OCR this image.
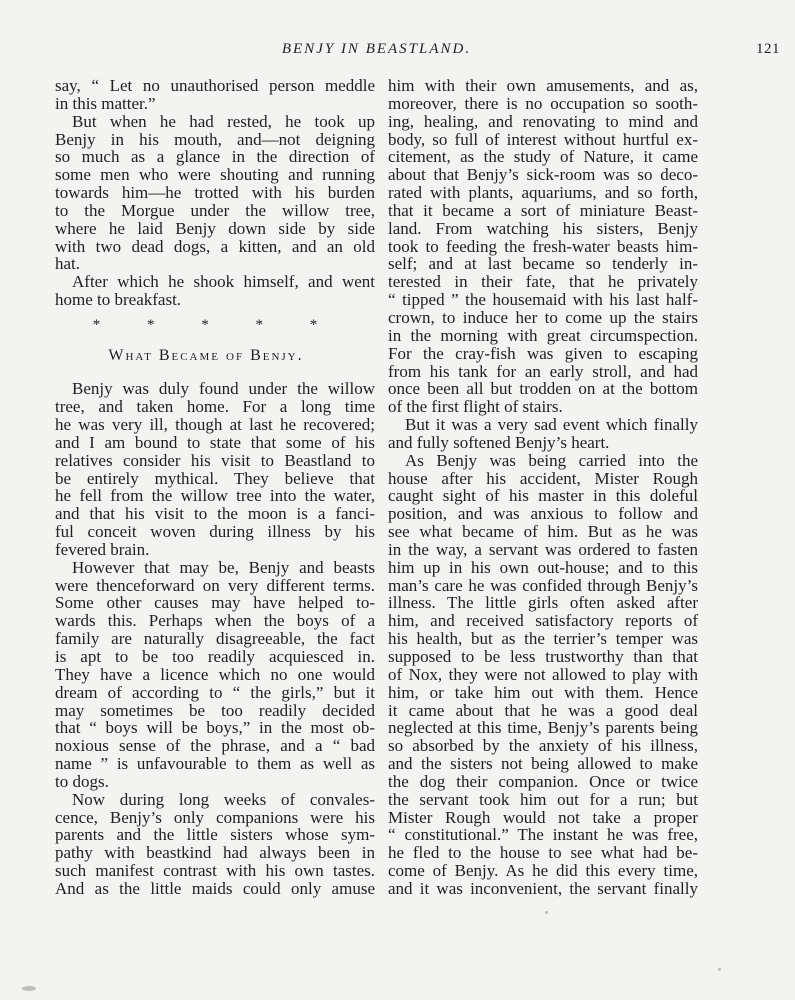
BENJY IN BEASTLAND.	121
say, “ Let no unauthorised person meddle
in this matter.”
But when he had rested, he took up
Benjy in his mouth, and—not deigning
so much as a glance in the direction of
some men who were shouting and running
towards him—he trotted with his burden
to the Morgue under the willow tree,
where he laid Benjy down side by side
with two dead dogs, a kitten, and an old
hat.
After which he shook himself, and went
home to breakfast.
* * * * *
What Became of Benjy.
Benjy was duly found under the willow
tree, and taken home. For a long time
he was very ill, though at last he recovered;
and I am bound to state that some of his
relatives consider his visit to Beastland to
be entirely mythical. They believe that
he fell from the willow tree into the water,
and that his visit to the moon is a fanci-
ful conceit woven during illness by his
fevered brain.
However that may be, Benjy and beasts
were thenceforward on very different terms.
Some other causes may have helped to-
wards this. Perhaps when the boys of a
family are naturally disagreeable, the fact
is apt to be too readily acquiesced in.
They have a licence which no one would
dream of according to “ the girls,” but it
may sometimes be too readily decided
that “ boys will be boys,” in the most ob-
noxious sense of the phrase, and a “ bad
name ” is unfavourable to them as well as
to dogs.
Now during long weeks of convales-
cence, Benjy’s only companions were his
parents and the little sisters whose sym-
pathy with beastkind had always been in
such manifest contrast with his own tastes.
And as the little maids could only amuse
him with their own amusements, and as,
moreover, there is no occupation so sooth-
ing, healing, and renovating to mind and
body, so full of interest without hurtful ex-
citement, as the study of Nature, it came
about that Benjy’s sick-room was so deco-
rated with plants, aquariums, and so forth,
that it became a sort of miniature Beast-
land. From watching his sisters, Benjy
took to feeding the fresh-water beasts him-
self; and at last became so tenderly in-
terested in their fate, that he privately
“ tipped ” the housemaid with his last half-
crown, to induce her to come up the stairs
in the morning with great circumspection.
For the cray-fish was given to escaping
from his tank for an early stroll, and had
once been all but trodden on at the bottom
of the first flight of stairs.
But it was a very sad event which finally
and fully softened Benjy’s heart.
As Benjy was being carried into the
house after his accident, Mister Rough
caught sight of his master in this doleful
position, and was anxious to follow and
see what became of him. But as he was
in the way, a servant was ordered to fasten
him up in his own out-house; and to this
man’s care he was confided through Benjy’s
illness. The little girls often asked after
him, and received satisfactory reports of
his health, but as the terrier’s temper was
supposed to be less trustworthy than that
of Nox, they were not allowed to play with
him, or take him out with them. Hence
it came about that he was a good deal
neglected at this time, Benjy’s parents being
so absorbed by the anxiety of his illness,
and the sisters not being allowed to make
the dog their companion. Once or twice
the servant took him out for a run; but
Mister Rough would not take a proper
“ constitutional.” The instant he was free,
he fled to the house to see what had be-
come of Benjy. As he did this every time,
and it was inconvenient, the servant finally
